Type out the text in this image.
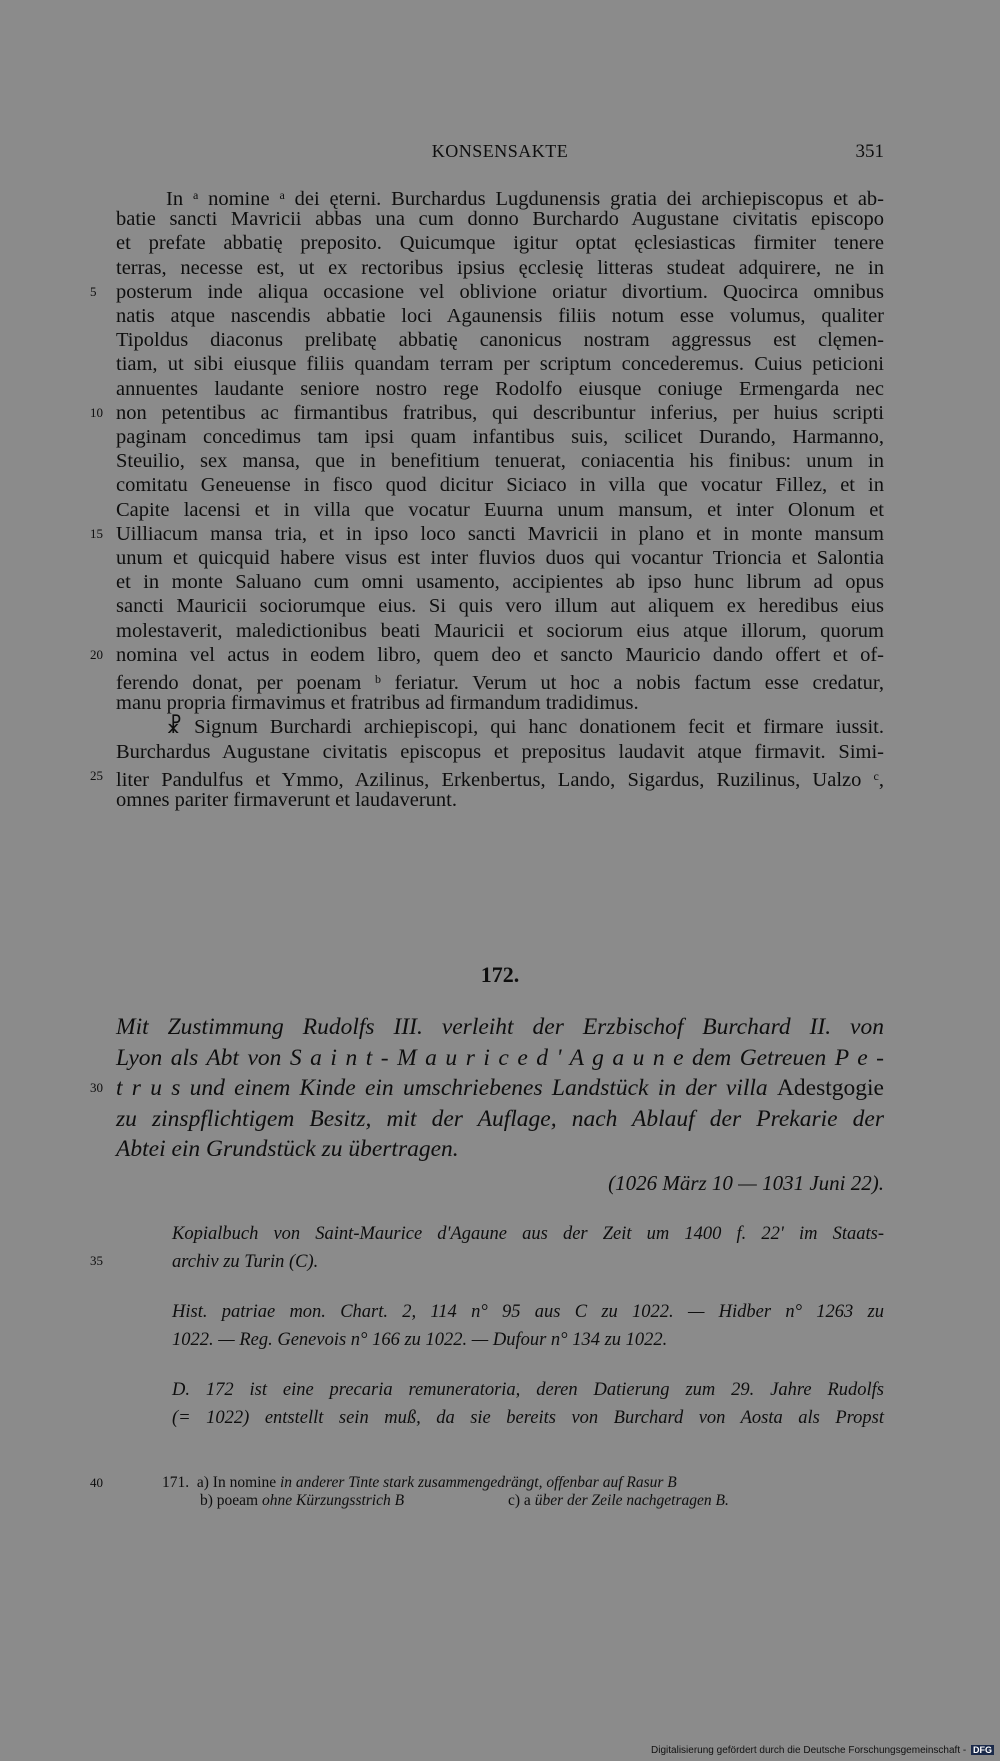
KONSENSAKTE	351
In $^a$ nomine $^a$ dei ęterni. Burchardus Lugdunensis gratia dei archiepiscopus et ab-
batie sancti Mavricii abbas una cum donno Burchardo Augustane civitatis episcopo
et prefate abbatię preposito. Quicumque igitur optat ęclesiasticas firmiter tenere
terras, necesse est, ut ex rectoribus ipsius ęcclesię litteras studeat adquirere, ne in
posterum inde aliqua occasione vel oblivione oriatur divortium. Quocirca omnibus
5
natis atque nascendis abbatie loci Agaunensis filiis notum esse volumus, qualiter
Tipoldus diaconus prelibatę abbatię canonicus nostram aggressus est clęmen-
tiam, ut sibi eiusque filiis quandam terram per scriptum concederemus. Cuius peticioni
annuentes laudante seniore nostro rege Rodolfo eiusque coniuge Ermengarda nec
non petentibus ac firmantibus fratribus, qui describuntur inferius, per huius scripti
10
paginam concedimus tam ipsi quam infantibus suis, scilicet Durando, Harmanno,
Steuilio, sex mansa, que in benefitium tenuerat, coniacentia his finibus: unum in
comitatu Geneuense in fisco quod dicitur Siciaco in villa que vocatur Fillez, et in
Capite lacensi et in villa que vocatur Euurna unum mansum, et inter Olonum et
Uilliacum mansa tria, et in ipso loco sancti Mavricii in plano et in monte mansum
15
unum et quicquid habere visus est inter fluvios duos qui vocantur Trioncia et Salontia
et in monte Saluano cum omni usamento, accipientes ab ipso hunc librum ad opus
sancti Mauricii sociorumque eius. Si quis vero illum aut aliquem ex heredibus eius
molestaverit, maledictionibus beati Mauricii et sociorum eius atque illorum, quorum
nomina vel actus in eodem libro, quem deo et sancto Mauricio dando offert et of-
20
ferendo donat, per poenam $^b$ feriatur. Verum ut hoc a nobis factum esse credatur,
manu propria firmavimus et fratribus ad firmandum tradidimus.
☧ Signum Burchardi archiepiscopi, qui hanc donationem fecit et firmare iussit.
Burchardus Augustane civitatis episcopus et prepositus laudavit atque firmavit. Simi-
liter Pandulfus et Ymmo, Azilinus, Erkenbertus, Lando, Sigardus, Ruzilinus, Ualzo $^c$,
25
omnes pariter firmaverunt et laudaverunt.
172.
Mit Zustimmung Rudolfs III. verleiht der Erzbischof Burchard II. von
Lyon als Abt von S a i n t - M a u r i c e d ' A g a u n e dem Getreuen P e -
t r u s und einem Kinde ein umschriebenes Landstück in der villa Adestgogie
30
zu zinspflichtigem Besitz, mit der Auflage, nach Ablauf der Prekarie der
Abtei ein Grundstück zu übertragen.
(1026 März 10 — 1031 Juni 22).
Kopialbuch von Saint-Maurice d'Agaune aus der Zeit um 1400 f. 22' im Staats-
archiv zu Turin (C).
35
Hist. patriae mon. Chart. 2, 114 n° 95 aus C zu 1022. — Hidber n° 1263 zu
1022. — Reg. Genevois n° 166 zu 1022. — Dufour n° 134 zu 1022.
D. 172 ist eine precaria remuneratoria, deren Datierung zum 29. Jahre Rudolfs
(= 1022) entstellt sein muß, da sie bereits von Burchard von Aosta als Propst
40	171. a) In nomine in anderer Tinte stark zusammengedrängt, offenbar auf Rasur B
b) poeam ohne Kürzungsstrich B	c) a über der Zeile nachgetragen B.
Digitalisierung gefördert durch die Deutsche Forschungsgemeinschaft - DFG
